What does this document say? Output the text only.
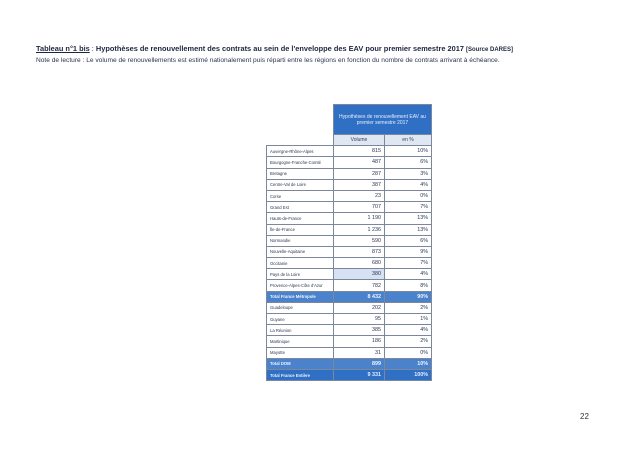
Tableau n°1 bis : Hypothèses de renouvellement des contrats au sein de l'enveloppe des EAV pour premier semestre 2017 [Source DARES]
Note de lecture : Le volume de renouvellements est estimé nationalement puis réparti entre les régions en fonction du nombre de contrats arrivant à échéance.
	Hypothèses de renouvellement EAV au premier semestre 2017	
	Volume	en %
Auvergne-Rhône-Alpes	815	10%
Bourgogne-Franche-Comté	487	6%
Bretagne	287	3%
Centre-Val de Loire	387	4%
Corse	23	0%
Grand Est	707	7%
Hauts-de-France	1 190	13%
Île-de-France	1 236	13%
Normandie	590	6%
Nouvelle-Aquitaine	873	9%
Occitanie	680	7%
Pays de la Loire	380	4%
Provence-Alpes-Côte d'Azur	782	8%
Total France Métropole	8 432	90%
Guadeloupe	202	2%
Guyane	95	1%
La Réunion	385	4%
Martinique	186	2%
Mayotte	31	0%
Total DOM	899	10%
Total France Entière	9 331	100%
22
